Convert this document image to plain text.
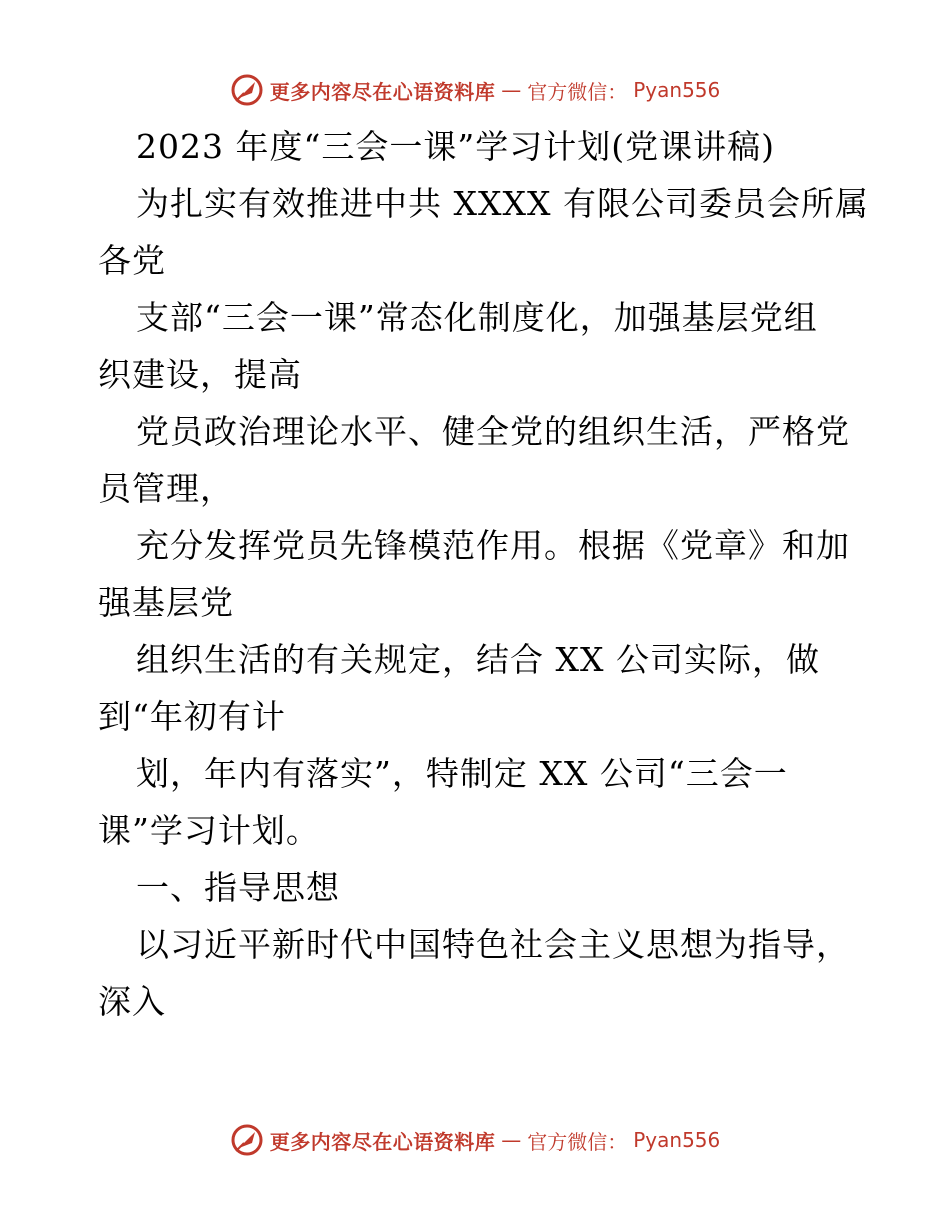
更多内容尽在心语资料库 — 官方微信： Pyan556
2023 年度“三会一课”学习计划(党课讲稿)
为扎实有效推进中共 XXXX 有限公司委员会所属
各党
支部“三会一课”常态化制度化，加强基层党组
织建设，提高
党员政治理论水平、健全党的组织生活，严格党
员管理，
充分发挥党员先锋模范作用。根据《党章》和加
强基层党
组织生活的有关规定，结合 XX 公司实际，做
到“年初有计
划，年内有落实”，特制定 XX 公司“三会一
课”学习计划。
一、指导思想
以习近平新时代中国特色社会主义思想为指导，
深入
更多内容尽在心语资料库 — 官方微信： Pyan556
